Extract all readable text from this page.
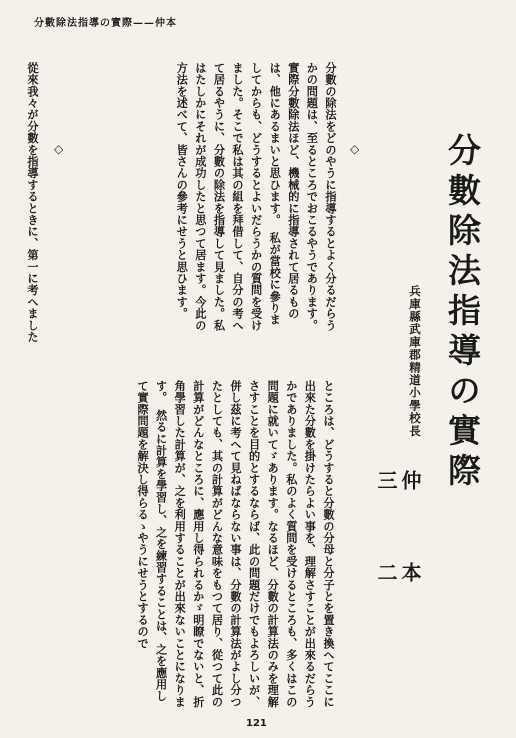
分數除法指導の實際——仲本
分數除法指導の實際
兵庫縣武庫郡精道小學校長
仲　本　三　二
◇
◇	分數の除法をどのやうに指導するとよく分るだらうかの問題は、至るところでおこるやうであります。實際分數除法ほど、機械的に指導されて居るものは、他にあるまいと思ひます。　私が當校に參りましてからも、どうするとよいだらうかの質問を受けました。そこで私は其の組を拜借して、自分の考へて居るやうに、分數の除法を指導して見ました。私はたしかにそれが成功したと思つて居ます。今此の方法を述べて、皆さんの參考にせうと思ひます。
從來我々が分數を指導するときに、第一に考へました
ところは、どうすると分數の分母と分子とを置き換へてここに出來た分數を掛けたらよい事を、理解さすことが出來るだらうかでありました。私のよく質問を受けるところも、多くはこの問題に就いてゞあります。なるほど、分數の計算法のみを理解さすことを目的とするならば、此の問題だけでもよろしいが、併し茲に考へて見ねばならない事は、分數の計算法がよし分つたとしても、其の計算がどんな意味をもつて居り、從つて此の計算がどんなところに、應用し得られるかゞ明瞭でないと、折角學習した計算が、之を利用することが出來ないことになります。　然るに計算を學習し、之を練習することは、之を應用して實際問題を解決し得らるゝやうにせうとするので
121
